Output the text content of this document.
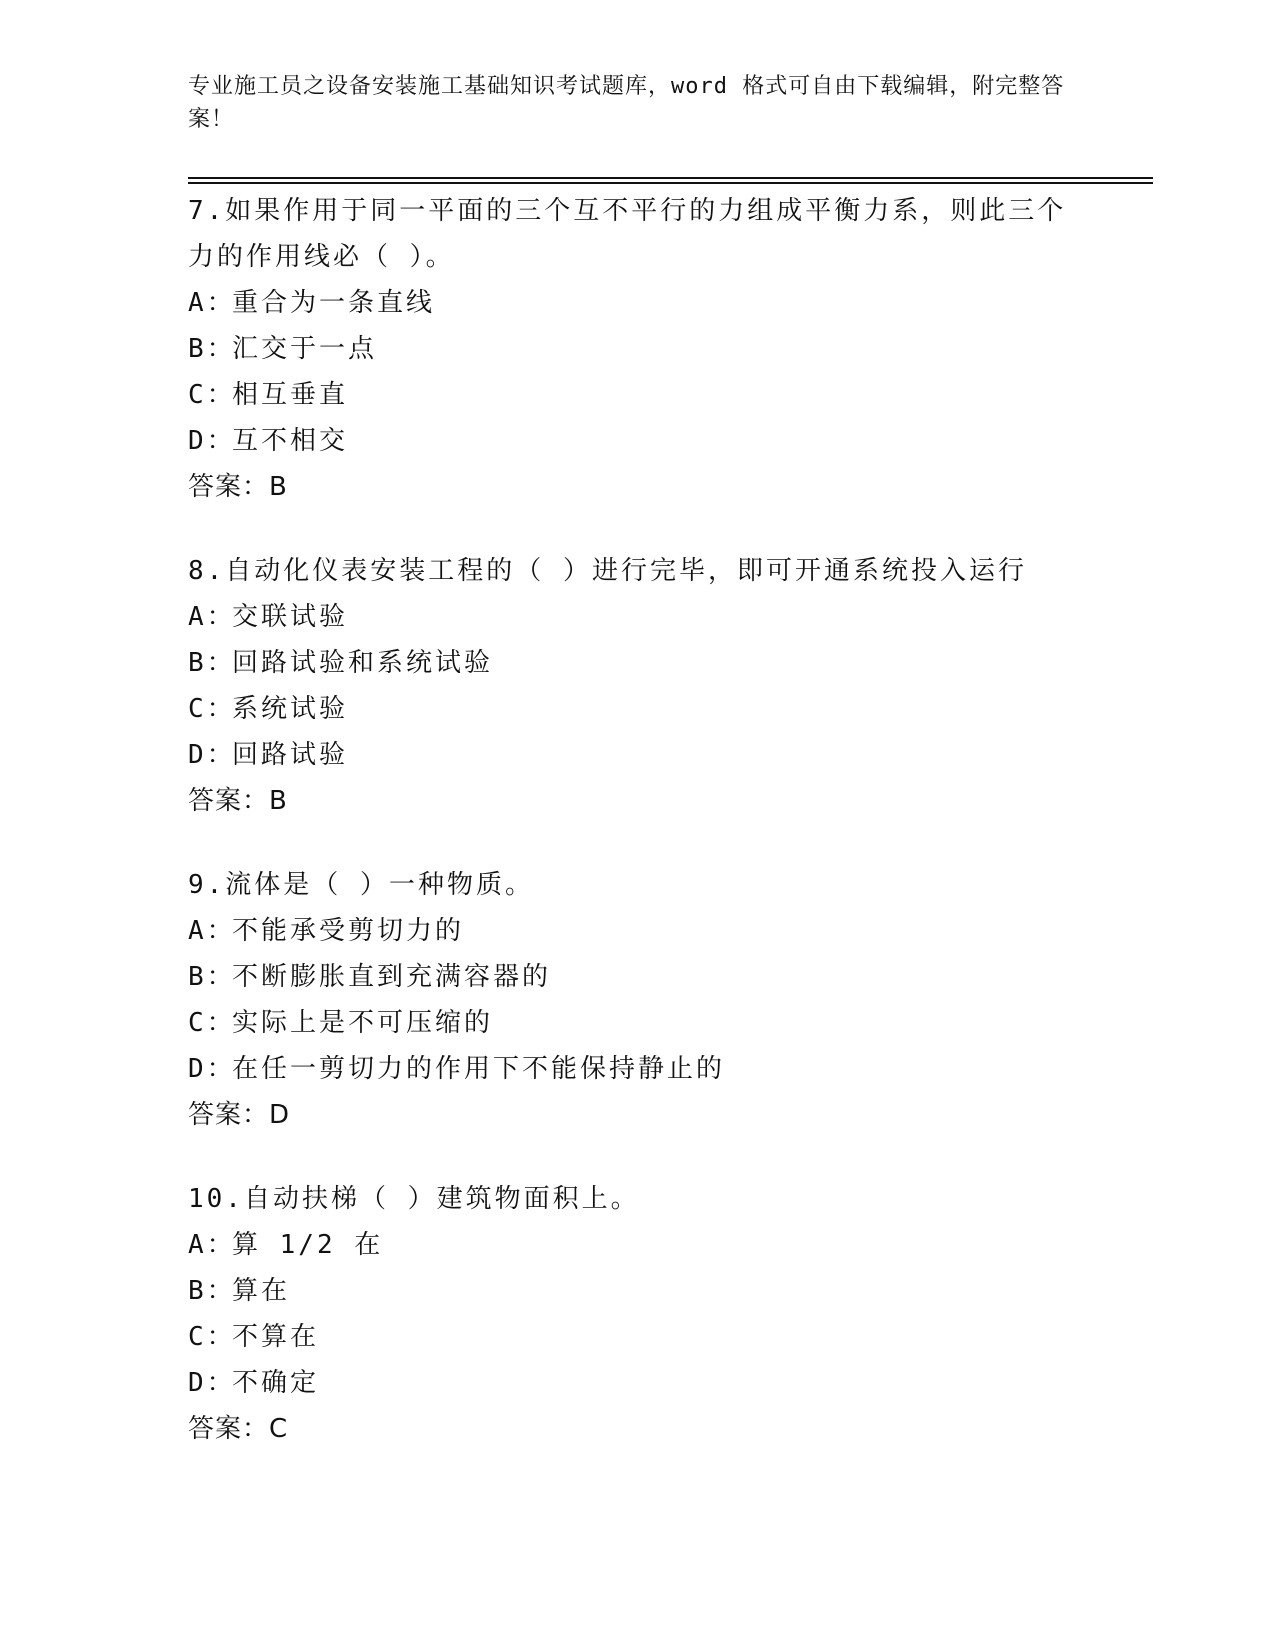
专业施工员之设备安装施工基础知识考试题库，word 格式可自由下载编辑，附完整答案！

7.如果作用于同一平面的三个互不平行的力组成平衡力系，则此三个力的作用线必（ ）。

A：重合为一条直线

B：汇交于一点

C：相互垂直

D：互不相交

答案：B

8.自动化仪表安装工程的（ ）进行完毕，即可开通系统投入运行

A：交联试验

B：回路试验和系统试验

C：系统试验

D：回路试验

答案：B

9.流体是（ ）一种物质。

A：不能承受剪切力的

B：不断膨胀直到充满容器的

C：实际上是不可压缩的

D：在任一剪切力的作用下不能保持静止的

答案：D

10.自动扶梯（ ）建筑物面积上。

A：算 1/2 在

B：算在

C：不算在

D：不确定

答案：C
